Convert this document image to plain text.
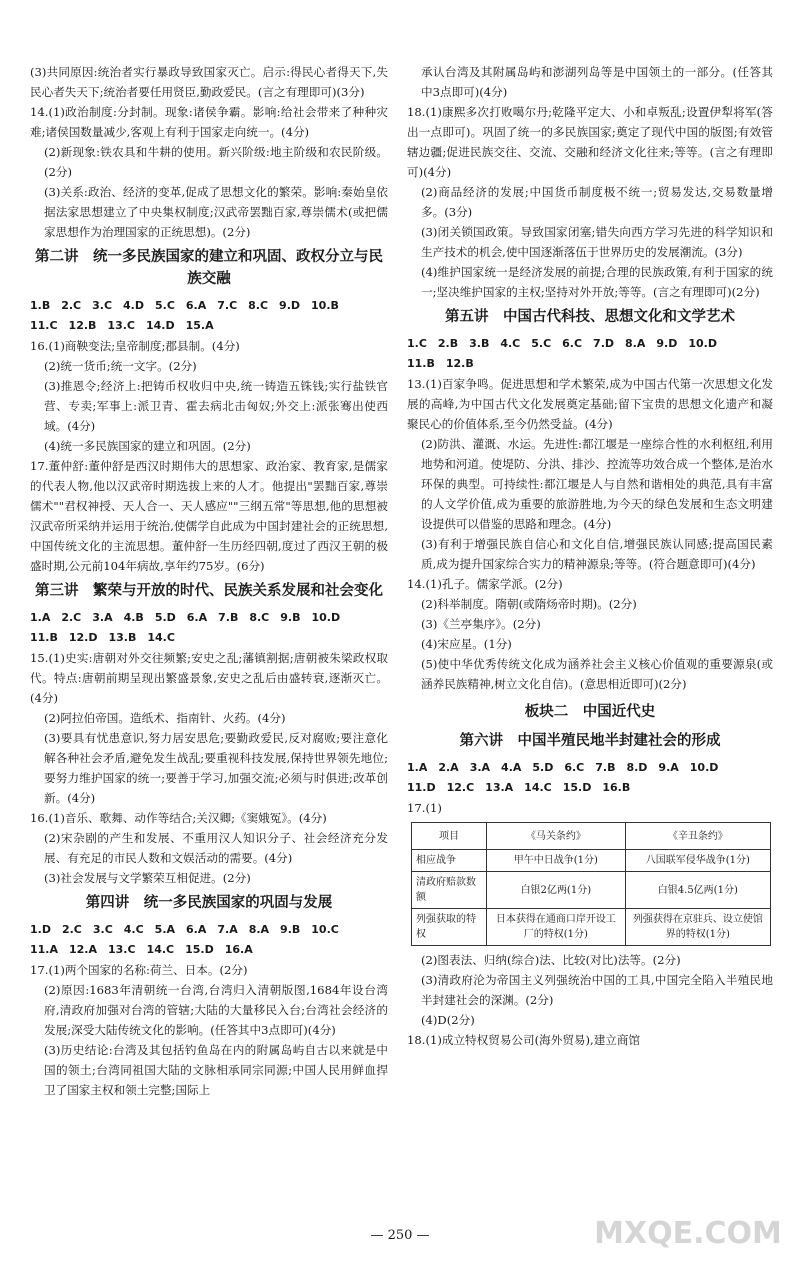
(3)共同原因:统治者实行暴政导致国家灭亡。启示:得民心者得天下,失民心者失天下;统治者要任用贤臣,勤政爱民。(言之有理即可)(3分)

14.(1)政治制度:分封制。现象:诸侯争霸。影响:给社会带来了种种灾难;诸侯国数量减少,客观上有利于国家走向统一。(4分)

(2)新现象:铁农具和牛耕的使用。新兴阶级:地主阶级和农民阶级。(2分)

(3)关系:政治、经济的变革,促成了思想文化的繁荣。影响:秦始皇依据法家思想建立了中央集权制度;汉武帝罢黜百家,尊崇儒术(或把儒家思想作为治理国家的正统思想)。(2分)

第二讲　统一多民族国家的建立和巩固、政权分立与民族交融

1.B　2.C　3.C　4.D　5.C　6.A　7.C　8.C　9.D　10.B

11.C　12.B　13.C　14.D　15.A

16.(1)商鞅变法;皇帝制度;郡县制。(4分)

(2)统一货币;统一文字。(2分)

(3)推恩令;经济上:把铸币权收归中央,统一铸造五铢钱;实行盐铁官营、专卖;军事上:派卫青、霍去病北击匈奴;外交上:派张骞出使西域。(4分)

(4)统一多民族国家的建立和巩固。(2分)

17.董仲舒:董仲舒是西汉时期伟大的思想家、政治家、教育家,是儒家的代表人物,他以汉武帝时期选拔上来的人才。他提出"罢黜百家,尊崇儒术""君权神授、天人合一、天人感应""三纲五常"等思想,他的思想被汉武帝所采纳并运用于统治,使儒学自此成为中国封建社会的正统思想,中国传统文化的主流思想。董仲舒一生历经四朝,度过了西汉王朝的极盛时期,公元前104年病故,享年约75岁。(6分)

第三讲　繁荣与开放的时代、民族关系发展和社会变化

1.A　2.C　3.A　4.B　5.D　6.A　7.B　8.C　9.B　10.D

11.B　12.D　13.B　14.C

15.(1)史实:唐朝对外交往频繁;安史之乱;藩镇割据;唐朝被朱梁政权取代。特点:唐朝前期呈现出繁盛景象,安史之乱后由盛转衰,逐渐灭亡。(4分)

(2)阿拉伯帝国。造纸术、指南针、火药。(4分)

(3)要具有忧患意识,努力居安思危;要勤政爱民,反对腐败;要注意化解各种社会矛盾,避免发生战乱;要重视科技发展,保持世界领先地位;要努力维护国家的统一;要善于学习,加强交流;必须与时俱进;改革创新。(4分)

16.(1)音乐、歌舞、动作等结合;关汉卿;《窦娥冤》。(4分)

(2)宋杂剧的产生和发展、不重用汉人知识分子、社会经济充分发展、有充足的市民人数和文娱活动的需要。(4分)

(3)社会发展与文学繁荣互相促进。(2分)

第四讲　统一多民族国家的巩固与发展

1.D　2.C　3.C　4.C　5.A　6.A　7.A　8.A　9.B　10.C

11.A　12.A　13.C　14.C　15.D　16.A

17.(1)两个国家的名称:荷兰、日本。(2分)

(2)原因:1683年清朝统一台湾,台湾归入清朝版图,1684年设台湾府,清政府加强对台湾的管辖;大陆的大量移民入台;台湾社会经济的发展;深受大陆传统文化的影响。(任答其中3点即可)(4分)

(3)历史结论:台湾及其包括钓鱼岛在内的附属岛屿自古以来就是中国的领土;台湾同祖国大陆的文脉相承同宗同源;中国人民用鲜血捍卫了国家主权和领土完整;国际上

承认台湾及其附属岛屿和澎湖列岛等是中国领土的一部分。(任答其中3点即可)(4分)

18.(1)康熙多次打败噶尔丹;乾隆平定大、小和卓叛乱;设置伊犁将军(答出一点即可)。巩固了统一的多民族国家;奠定了现代中国的版图;有效管辖边疆;促进民族交往、交流、交融和经济文化往来;等等。(言之有理即可)(4分)

(2)商品经济的发展;中国货币制度极不统一;贸易发达,交易数量增多。(3分)

(3)闭关锁国政策。导致国家闭塞;错失向西方学习先进的科学知识和生产技术的机会,使中国逐渐落伍于世界历史的发展潮流。(3分)

(4)维护国家统一是经济发展的前提;合理的民族政策,有利于国家的统一;坚决维护国家的主权;坚持对外开放;等等。(言之有理即可)(2分)

第五讲　中国古代科技、思想文化和文学艺术

1.C　2.B　3.B　4.C　5.C　6.C　7.D　8.A　9.D　10.D

11.B　12.B

13.(1)百家争鸣。促进思想和学术繁荣,成为中国古代第一次思想文化发展的高峰,为中国古代文化发展奠定基础;留下宝贵的思想文化遗产和凝聚民心的价值体系,至今仍然受益。(4分)

(2)防洪、灌溉、水运。先进性:都江堰是一座综合性的水利枢纽,利用地势和河道。使堤防、分洪、排沙、控流等功效合成一个整体,是治水环保的典型。可持续性:都江堰是人与自然和谐相处的典范,具有丰富的人文学价值,成为重要的旅游胜地,为今天的绿色发展和生态文明建设提供可以借鉴的思路和理念。(4分)

(3)有利于增强民族自信心和文化自信,增强民族认同感;提高国民素质,成为提升国家综合实力的精神源泉;等等。(符合题意即可)(4分)

14.(1)孔子。儒家学派。(2分)

(2)科举制度。隋朝(或隋炀帝时期)。(2分)

(3)《兰亭集序》。(2分)

(4)宋应星。(1分)

(5)使中华优秀传统文化成为涵养社会主义核心价值观的重要源泉(或涵养民族精神,树立文化自信)。(意思相近即可)(2分)

板块二　中国近代史
第六讲　中国半殖民地半封建社会的形成

1.A　2.A　3.A　4.A　5.D　6.C　7.B　8.D　9.A　10.D

11.D　12.C　13.A　14.C　15.D　16.B

17.(1)

项目	《马关条约》	《辛丑条约》
相应战争	甲午中日战争(1分)	八国联军侵华战争(1分)
清政府赔款数额	白银2亿两(1分)	白银4.5亿两(1分)
列强获取的特权	日本获得在通商口岸开设工厂的特权(1分)	列强获得在京驻兵、设立使馆界的特权(1分)

(2)图表法、归纳(综合)法、比较(对比)法等。(2分)

(3)清政府沦为帝国主义列强统治中国的工具,中国完全陷入半殖民地半封建社会的深渊。(2分)

(4)D(2分)

18.(1)成立特权贸易公司(海外贸易),建立商馆

— 250 —	MXQE.COM
